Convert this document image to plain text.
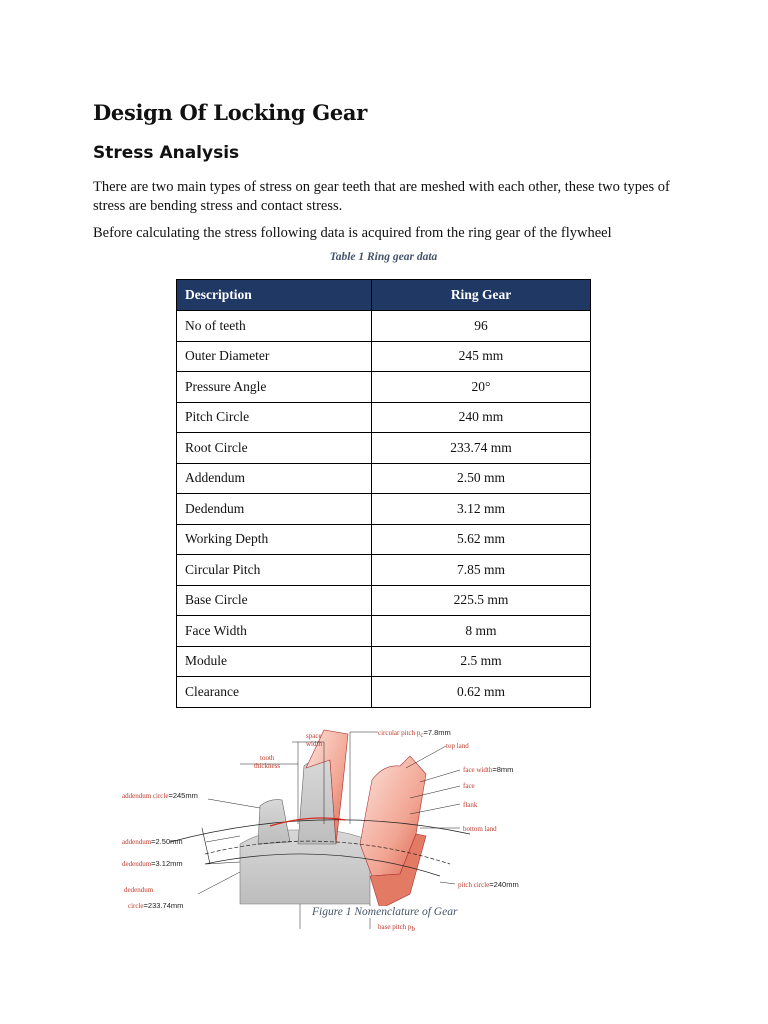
Design Of Locking Gear
Stress Analysis

There are two main types of stress on gear teeth that are meshed with each other, these two types of stress are bending stress and contact stress.

Before calculating the stress following data is acquired from the ring gear of the flywheel

Table 1 Ring gear data
Description	Ring Gear
No of teeth	96
Outer Diameter	245 mm
Pressure Angle	20°
Pitch Circle	240 mm
Root Circle	233.74 mm
Addendum	2.50 mm
Dedendum	3.12 mm
Working Depth	5.62 mm
Circular Pitch	7.85 mm
Base Circle	225.5 mm
Face Width	8 mm
Module	2.5 mm
Clearance	0.62 mm
space
width
tooth
thickness
circular pitch pc=7.8mm
top land
face width=8mm
face
flank
bottom land
addendum circle=245mm
addendum=2.50mm
dedendum=3.12mm
dedendum
circle=233.74mm
pitch circle=240mm
base pitch pb
Figure 1 Nomenclature of Gear
